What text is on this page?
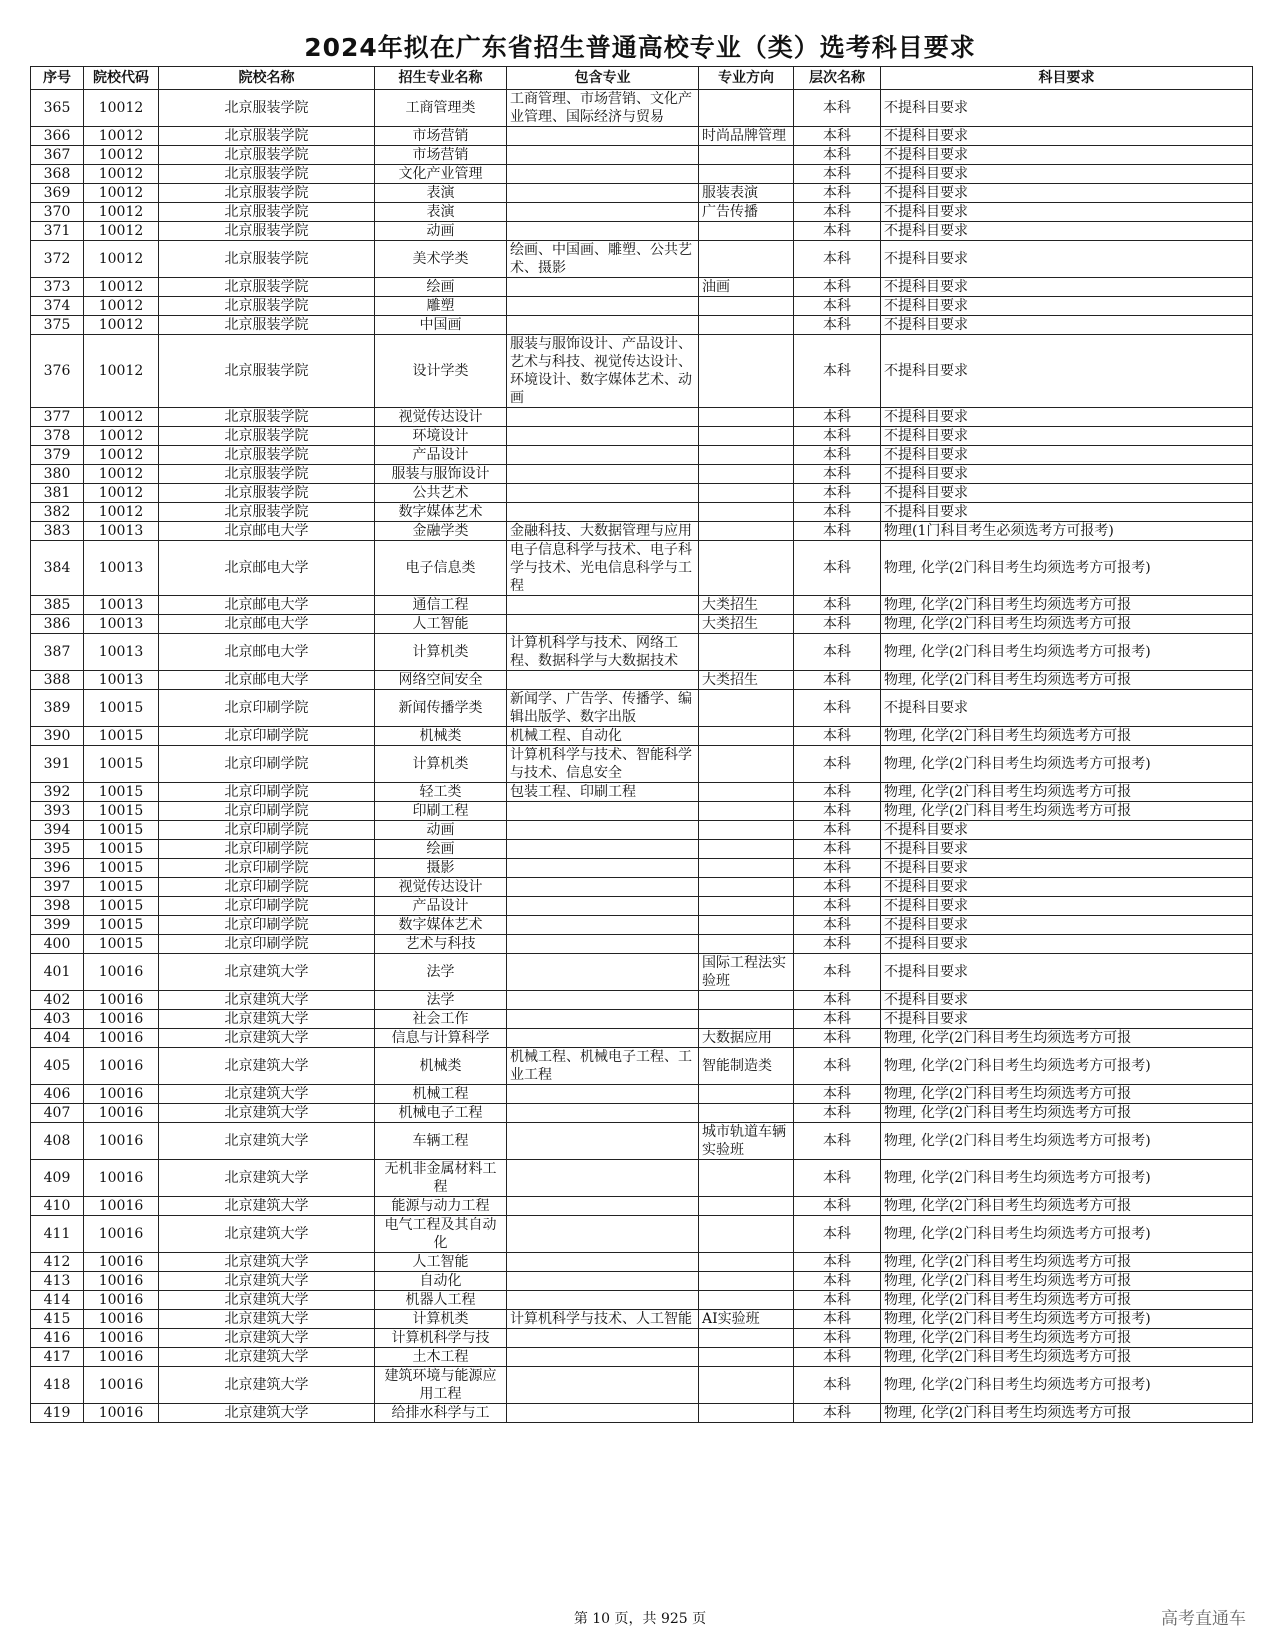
2024年拟在广东省招生普通高校专业（类）选考科目要求
序号	院校代码	院校名称	招生专业名称	包含专业	专业方向	层次名称	科目要求
365	10012	北京服装学院	工商管理类	工商管理、市场营销、文化产业管理、国际经济与贸易		本科	不提科目要求
366	10012	北京服装学院	市场营销		时尚品牌管理	本科	不提科目要求
367	10012	北京服装学院	市场营销			本科	不提科目要求
368	10012	北京服装学院	文化产业管理			本科	不提科目要求
369	10012	北京服装学院	表演		服装表演	本科	不提科目要求
370	10012	北京服装学院	表演		广告传播	本科	不提科目要求
371	10012	北京服装学院	动画			本科	不提科目要求
372	10012	北京服装学院	美术学类	绘画、中国画、雕塑、公共艺术、摄影		本科	不提科目要求
373	10012	北京服装学院	绘画		油画	本科	不提科目要求
374	10012	北京服装学院	雕塑			本科	不提科目要求
375	10012	北京服装学院	中国画			本科	不提科目要求
376	10012	北京服装学院	设计学类	服装与服饰设计、产品设计、艺术与科技、视觉传达设计、环境设计、数字媒体艺术、动画		本科	不提科目要求
377	10012	北京服装学院	视觉传达设计			本科	不提科目要求
378	10012	北京服装学院	环境设计			本科	不提科目要求
379	10012	北京服装学院	产品设计			本科	不提科目要求
380	10012	北京服装学院	服装与服饰设计			本科	不提科目要求
381	10012	北京服装学院	公共艺术			本科	不提科目要求
382	10012	北京服装学院	数字媒体艺术			本科	不提科目要求
383	10013	北京邮电大学	金融学类	金融科技、大数据管理与应用		本科	物理(1门科目考生必须选考方可报考)
384	10013	北京邮电大学	电子信息类	电子信息科学与技术、电子科学与技术、光电信息科学与工程		本科	物理, 化学(2门科目考生均须选考方可报考)
385	10013	北京邮电大学	通信工程		大类招生	本科	物理, 化学(2门科目考生均须选考方可报
386	10013	北京邮电大学	人工智能		大类招生	本科	物理, 化学(2门科目考生均须选考方可报
387	10013	北京邮电大学	计算机类	计算机科学与技术、网络工程、数据科学与大数据技术		本科	物理, 化学(2门科目考生均须选考方可报考)
388	10013	北京邮电大学	网络空间安全		大类招生	本科	物理, 化学(2门科目考生均须选考方可报
389	10015	北京印刷学院	新闻传播学类	新闻学、广告学、传播学、编辑出版学、数字出版		本科	不提科目要求
390	10015	北京印刷学院	机械类	机械工程、自动化		本科	物理, 化学(2门科目考生均须选考方可报
391	10015	北京印刷学院	计算机类	计算机科学与技术、智能科学与技术、信息安全		本科	物理, 化学(2门科目考生均须选考方可报考)
392	10015	北京印刷学院	轻工类	包装工程、印刷工程		本科	物理, 化学(2门科目考生均须选考方可报
393	10015	北京印刷学院	印刷工程			本科	物理, 化学(2门科目考生均须选考方可报
394	10015	北京印刷学院	动画			本科	不提科目要求
395	10015	北京印刷学院	绘画			本科	不提科目要求
396	10015	北京印刷学院	摄影			本科	不提科目要求
397	10015	北京印刷学院	视觉传达设计			本科	不提科目要求
398	10015	北京印刷学院	产品设计			本科	不提科目要求
399	10015	北京印刷学院	数字媒体艺术			本科	不提科目要求
400	10015	北京印刷学院	艺术与科技			本科	不提科目要求
401	10016	北京建筑大学	法学		国际工程法实验班	本科	不提科目要求
402	10016	北京建筑大学	法学			本科	不提科目要求
403	10016	北京建筑大学	社会工作			本科	不提科目要求
404	10016	北京建筑大学	信息与计算科学		大数据应用	本科	物理, 化学(2门科目考生均须选考方可报
405	10016	北京建筑大学	机械类	机械工程、机械电子工程、工业工程	智能制造类	本科	物理, 化学(2门科目考生均须选考方可报考)
406	10016	北京建筑大学	机械工程			本科	物理, 化学(2门科目考生均须选考方可报
407	10016	北京建筑大学	机械电子工程			本科	物理, 化学(2门科目考生均须选考方可报
408	10016	北京建筑大学	车辆工程		城市轨道车辆实验班	本科	物理, 化学(2门科目考生均须选考方可报考)
409	10016	北京建筑大学	无机非金属材料工程			本科	物理, 化学(2门科目考生均须选考方可报考)
410	10016	北京建筑大学	能源与动力工程			本科	物理, 化学(2门科目考生均须选考方可报
411	10016	北京建筑大学	电气工程及其自动化			本科	物理, 化学(2门科目考生均须选考方可报考)
412	10016	北京建筑大学	人工智能			本科	物理, 化学(2门科目考生均须选考方可报
413	10016	北京建筑大学	自动化			本科	物理, 化学(2门科目考生均须选考方可报
414	10016	北京建筑大学	机器人工程			本科	物理, 化学(2门科目考生均须选考方可报
415	10016	北京建筑大学	计算机类	计算机科学与技术、人工智能	AI实验班	本科	物理, 化学(2门科目考生均须选考方可报考)
416	10016	北京建筑大学	计算机科学与技			本科	物理, 化学(2门科目考生均须选考方可报
417	10016	北京建筑大学	土木工程			本科	物理, 化学(2门科目考生均须选考方可报
418	10016	北京建筑大学	建筑环境与能源应用工程			本科	物理, 化学(2门科目考生均须选考方可报考)
419	10016	北京建筑大学	给排水科学与工			本科	物理, 化学(2门科目考生均须选考方可报
第 10 页，共 925 页	高考直通车
